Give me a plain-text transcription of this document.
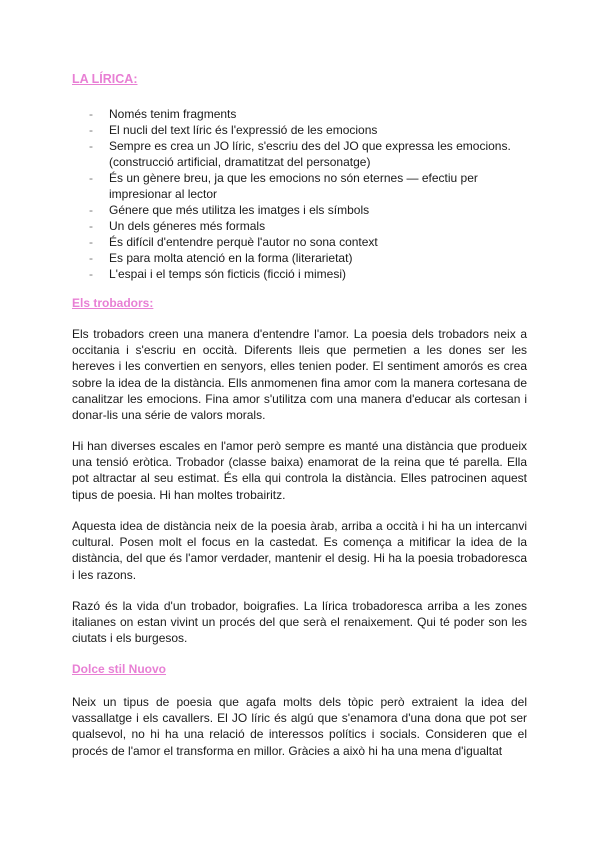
LA LÍRICA:
- Només tenim fragments
- El nucli del text líric és l'expressió de les emocions
- Sempre es crea un JO líric, s'escriu des del JO que expressa les emocions. (construcció artificial, dramatitzat del personatge)
- És un gènere breu, ja que les emocions no són eternes — efectiu per impresionar al lector
- Génere que més utilitza les imatges i els símbols
- Un dels géneres més formals
- És difícil d'entendre perquè l'autor no sona context
- Es para molta atenció en la forma (literarietat)
- L'espai i el temps són ficticis (ficció i mimesi)
Els trobadors:

Els trobadors creen una manera d'entendre l'amor. La poesia dels trobadors neix a occitania i s'escriu en occità. Diferents lleis que permetien a les dones ser les hereves i les convertien en senyors, elles tenien poder. El sentiment amorós es crea sobre la idea de la distància. Ells anmomenen fina amor com la manera cortesana de canalitzar les emocions. Fina amor s'utilitza com una manera d'educar als cortesan i donar-lis una série de valors morals.

Hi han diverses escales en l'amor però sempre es manté una distància que produeix una tensió eròtica. Trobador (classe baixa) enamorat de la reina que té parella. Ella pot altractar al seu estimat. És ella qui controla la distància. Elles patrocinen aquest tipus de poesia. Hi han moltes trobairitz.

Aquesta idea de distància neix de la poesia àrab, arriba a occità i hi ha un intercanvi cultural. Posen molt el focus en la castedat. Es comença a mitificar la idea de la distància, del que és l'amor verdader, mantenir el desig. Hi ha la poesia trobadoresca i les razons.

Razó és la vida d'un trobador, boigrafies. La lírica trobadoresca arriba a les zones italianes on estan vivint un procés del que serà el renaixement. Qui té poder son les ciutats i els burgesos.

Dolce stil Nuovo

Neix un tipus de poesia que agafa molts dels tòpic però extraient la idea del vassallatge i els cavallers. El JO líric és algú que s'enamora d'una dona que pot ser qualsevol, no hi ha una relació de interessos polítics i socials. Consideren que el procés de l'amor el transforma en millor. Gràcies a això hi ha una mena d'igualtat
